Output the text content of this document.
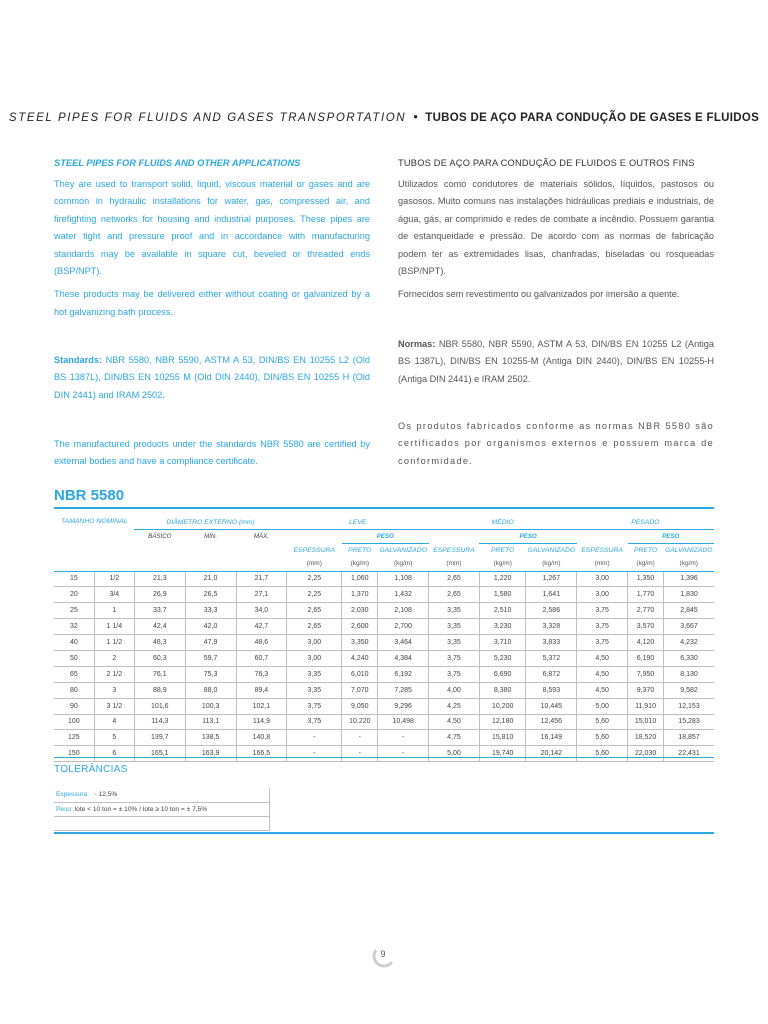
STEEL PIPES FOR FLUIDS AND GASES TRANSPORTATION • TUBOS DE AÇO PARA CONDUÇÃO DE GASES E FLUIDOS
STEEL PIPES FOR FLUIDS AND OTHER APPLICATIONS

They are used to transport solid, liquid, viscous material or gases and are common in hydraulic installations for water, gas, compressed air, and firefighting networks for housing and industrial purposes. These pipes are water tight and pressure proof and in accordance with manufacturing standards may be available in square cut, beveled or threaded ends (BSP/NPT).

These products may be delivered either without coating or galvanized by a hot galvanizing bath process.

Standards: NBR 5580, NBR 5590, ASTM A 53, DIN/BS EN 10255 L2 (Old BS 1387L), DIN/BS EN 10255 M (Old DIN 2440), DIN/BS EN 10255 H (Old DIN 2441) and IRAM 2502.

The manufactured products under the standards NBR 5580 are certified by external bodies and have a compliance certificate.

TUBOS DE AÇO PARA CONDUÇÃO DE FLUIDOS E OUTROS FINS

Utilizados como condutores de materiais sólidos, líquidos, pastosos ou gasosos. Muito comuns nas instalações hidráulicas prediais e industriais, de água, gás, ar comprimido e redes de combate a incêndio. Possuem garantia de estanqueidade e pressão. De acordo com as normas de fabricação podem ter as extremidades lisas, chanfradas, biseladas ou rosqueadas (BSP/NPT).

Fornecidos sem revestimento ou galvanizados por imersão a quente.

Normas: NBR 5580, NBR 5590, ASTM A 53, DIN/BS EN 10255 L2 (Antiga BS 1387L), DIN/BS EN 10255-M (Antiga DIN 2440), DIN/BS EN 10255-H (Antiga DIN 2441) e IRAM 2502.

Os produtos fabricados conforme as normas NBR 5580 são certificados por organismos externos e possuem marca de conformidade.

NBR 5580
TAMANHO NOMINAL		DIÂMETRO EXTERNO (mm)			LEVE			MÉDIO			PESADO		
		BÁSICO	MÍN.	MÁX.		PESO			PESO			PESO	
					ESPESSURA	PRETO	GALVANIZADO	ESPESSURA	PRETO	GALVANIZADO	ESPESSURA	PRETO	GALVANIZADO
					(mm)	(kg/m)	(kg/m)	(mm)	(kg/m)	(kg/m)	(mm)	(kg/m)	(kg/m)
15	1/2	21,3	21,0	21,7	2,25	1,060	1,108	2,65	1,220	1,267	3,00	1,350	1,396
20	3/4	26,9	26,5	27,1	2,25	1,370	1,432	2,65	1,580	1,641	3,00	1,770	1,830
25	1	33,7	33,3	34,0	2,65	2,030	2,108	3,35	2,510	2,586	3,75	2,770	2,845
32	1 1/4	42,4	42,0	42,7	2,65	2,600	2,700	3,35	3,230	3,328	3,75	3,570	3,667
40	1 1/2	48,3	47,9	48,6	3,00	3,350	3,464	3,35	3,710	3,833	3,75	4,120	4,232
50	2	60,3	59,7	60,7	3,00	4,240	4,384	3,75	5,230	5,372	4,50	6,190	6,330
65	2 1/2	76,1	75,3	76,3	3,35	6,010	6,192	3,75	6,690	6,872	4,50	7,950	8,130
80	3	88,9	88,0	89,4	3,35	7,070	7,285	4,00	8,380	8,593	4,50	9,370	9,582
90	3 1/2	101,6	100,3	102,1	3,75	9,050	9,296	4,25	10,200	10,445	5,00	11,910	12,153
100	4	114,3	113,1	114,9	3,75	10,220	10,498	4,50	12,180	12,456	5,60	15,010	15,283
125	5	139,7	138,5	140,8	-	-	-	4,75	15,810	16,149	5,60	18,520	18,857
150	6	165,1	163,9	166,5	-	-	-	5,00	19,740	20,142	5,60	22,030	22,431
TOLERÂNCIAS
Espessura: - 12,5%
Peso: lote < 10 ton = ± 10% / lote ≥ 10 ton = ± 7,5%

9
